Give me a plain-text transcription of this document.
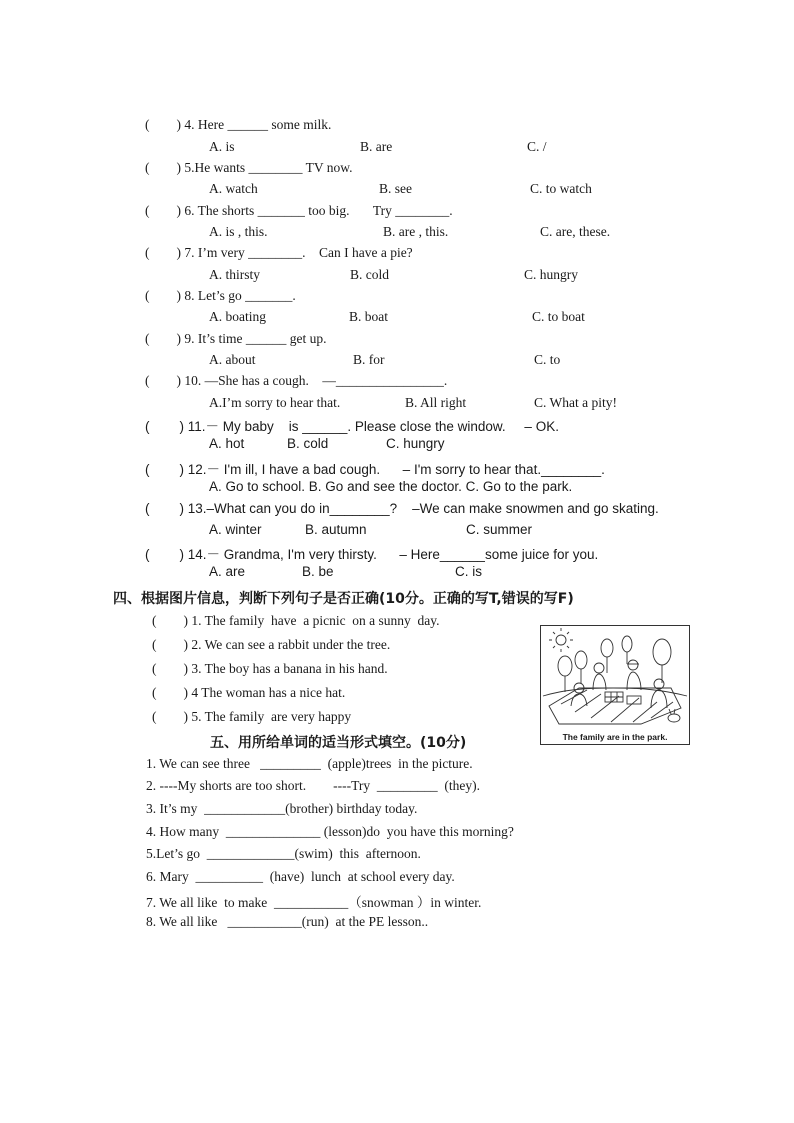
(        ) 4. Here ______ some milk.
A. is	B. are	C. /
(        ) 5.He wants ________ TV now.
A. watch	B. see	C. to watch
(        ) 6. The shorts _______ too big.       Try ________.
A. is , this.	B. are , this.	C. are, these.
(        ) 7. I’m very ________.    Can I have a pie?
A. thirsty	B. cold	C. hungry
(        ) 8. Let’s go _______.
A. boating	B. boat	C. to boat
(        ) 9. It’s time ______ get up.
A. about	B. for	C. to
(        ) 10. —She has a cough.    —________________.
A.I’m sorry to hear that.	B. All right	C. What a pity!
(        ) 11.－ My baby    is ______. Please close the window.     – OK.
A. hot	B. cold	C. hungry
(        ) 12.－ I'm ill, I have a bad cough.      – I'm sorry to hear that.________.
A. Go to school. B. Go and see the doctor. C. Go to the park.
(        ) 13.–What can you do in________?    –We can make snowmen and go skating.
A. winter	B. autumn	C. summer
(        ) 14.－ Grandma, I'm very thirsty.      – Here______some juice for you.
A. are	B. be	C. is
四、根据图片信息，判断下列句子是否正确(10分。正确的写T,错误的写F)
(        ) 1. The family  have  a picnic  on a sunny  day.
(        ) 2. We can see a rabbit under the tree.
(        ) 3. The boy has a banana in his hand.
(        ) 4 The woman has a nice hat.
(        ) 5. The family  are very happy
The family are in the park.
五、用所给单词的适当形式填空。(10分)
1. We can see three   _________  (apple)trees  in the picture.
2. ----My shorts are too short.        ----Try  _________  (they).
3. It’s my  ____________(brother) birthday today.
4. How many  ______________ (lesson)do  you have this morning?
5.Let’s go  _____________(swim)  this  afternoon.
6. Mary  __________  (have)  lunch  at school every day.
7. We all like  to make  ___________（snowman ）in winter.
8. We all like   ___________(run)  at the PE lesson..
